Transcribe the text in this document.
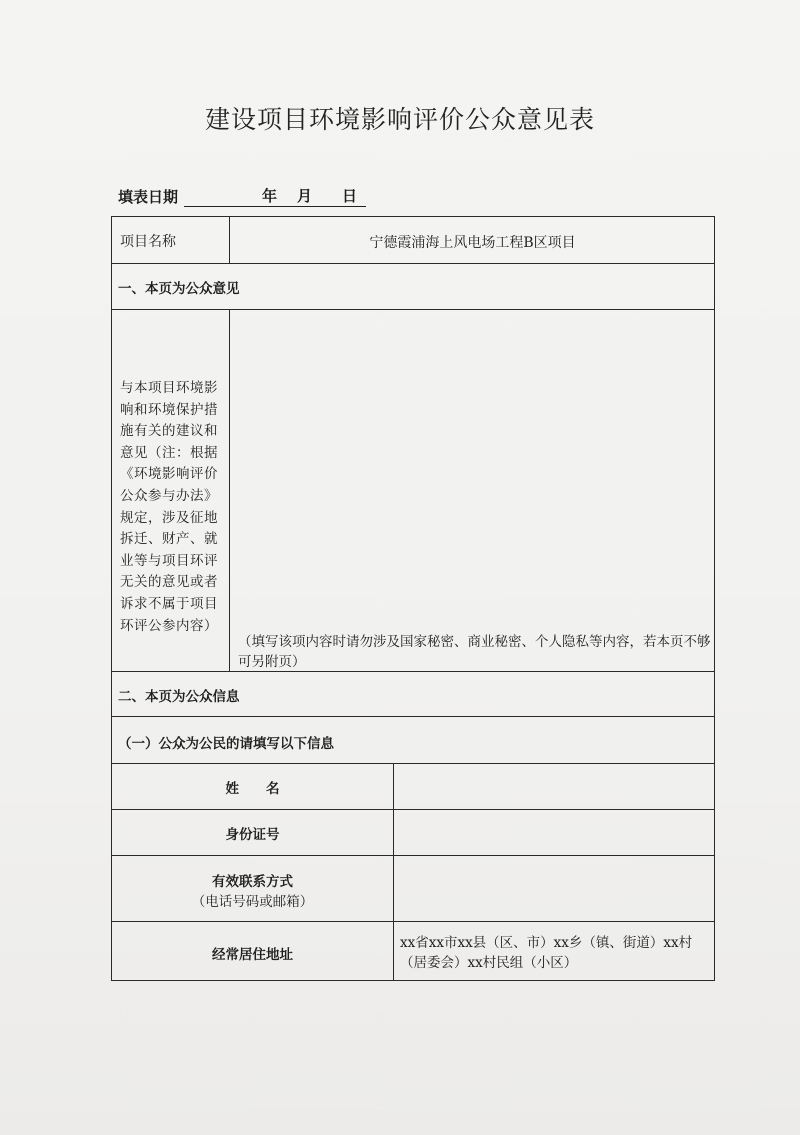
建设项目环境影响评价公众意见表
填表日期	年 月 日
项目名称	宁德霞浦海上风电场工程B区项目
一、本页为公众意见
与本项目环境影响和环境保护措施有关的建议和意见（注：根据《环境影响评价公众参与办法》规定，涉及征地拆迁、财产、就业等与项目环评无关的意见或者诉求不属于项目环评公参内容）
（填写该项内容时请勿涉及国家秘密、商业秘密、个人隐私等内容，若本页不够可另附页）
二、本页为公众信息
（一）公众为公民的请填写以下信息
姓　　名
身份证号
有效联系方式
（电话号码或邮箱）
经常居住地址
xx省xx市xx县（区、市）xx乡（镇、街道）xx村（居委会）xx村民组（小区）
